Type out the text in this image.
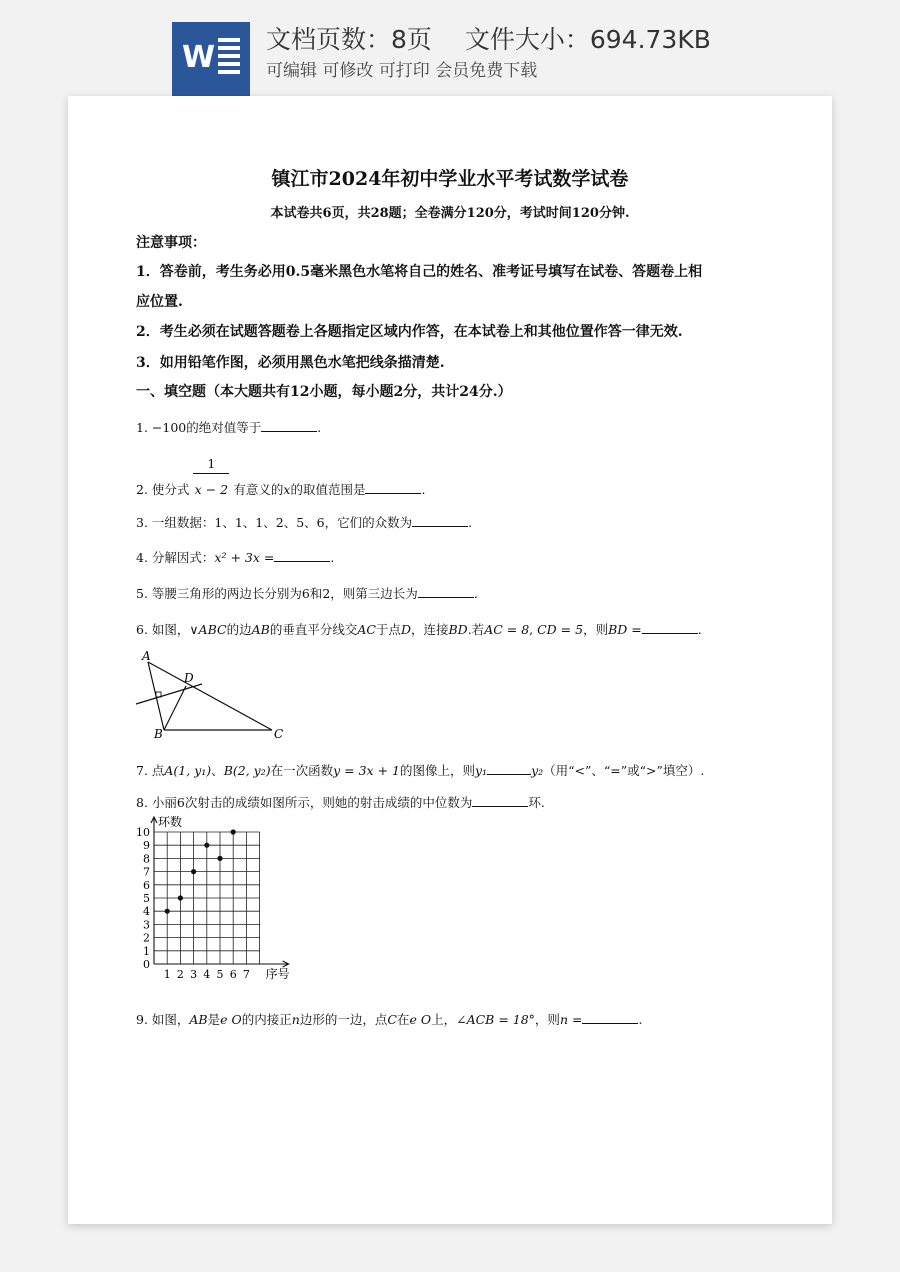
W
文档页数：8页　 文件大小：694.73KB
可编辑 可修改 可打印 会员免费下载
镇江市2024年初中学业水平考试数学试卷
本试卷共6页，共28题；全卷满分120分，考试时间120分钟.
注意事项：
1．答卷前，考生务必用0.5毫米黑色水笔将自己的姓名、准考证号填写在试卷、答题卷上相
应位置.
2．考生必须在试题答题卷上各题指定区域内作答，在本试卷上和其他位置作答一律无效.
3．如用铅笔作图，必须用黑色水笔把线条描清楚.
一、填空题（本大题共有12小题，每小题2分，共计24分.）
1. −100的绝对值等于	.
2. 使分式 $\frac{1}{x - 2}$ 有意义的x的取值范围是	.
3. 一组数据：1、1、1、2、5、6，它们的众数为	.
4. 分解因式：x² + 3x =	.
5. 等腰三角形的两边长分别为6和2，则第三边长为	.
6. 如图，∨ABC的边AB的垂直平分线交AC于点D，连接BD.若AC = 8, CD = 5，则BD =	.
A
B	C
D
7. 点A(1, y₁)、B(2, y₂)在一次函数y = 3x + 1的图像上，则y₁	y₂（用“<”、“=”或“>”填空）.
8. 小丽6次射击的成绩如图所示，则她的射击成绩的中位数为	环.
0
1
2
3
4
5
6
7
8
9
10
1 2 3 4 5 6 7
环数
序号
9. 如图，AB是e O的内接正n边形的一边，点C在e O上，∠ACB = 18°，则n =	.
